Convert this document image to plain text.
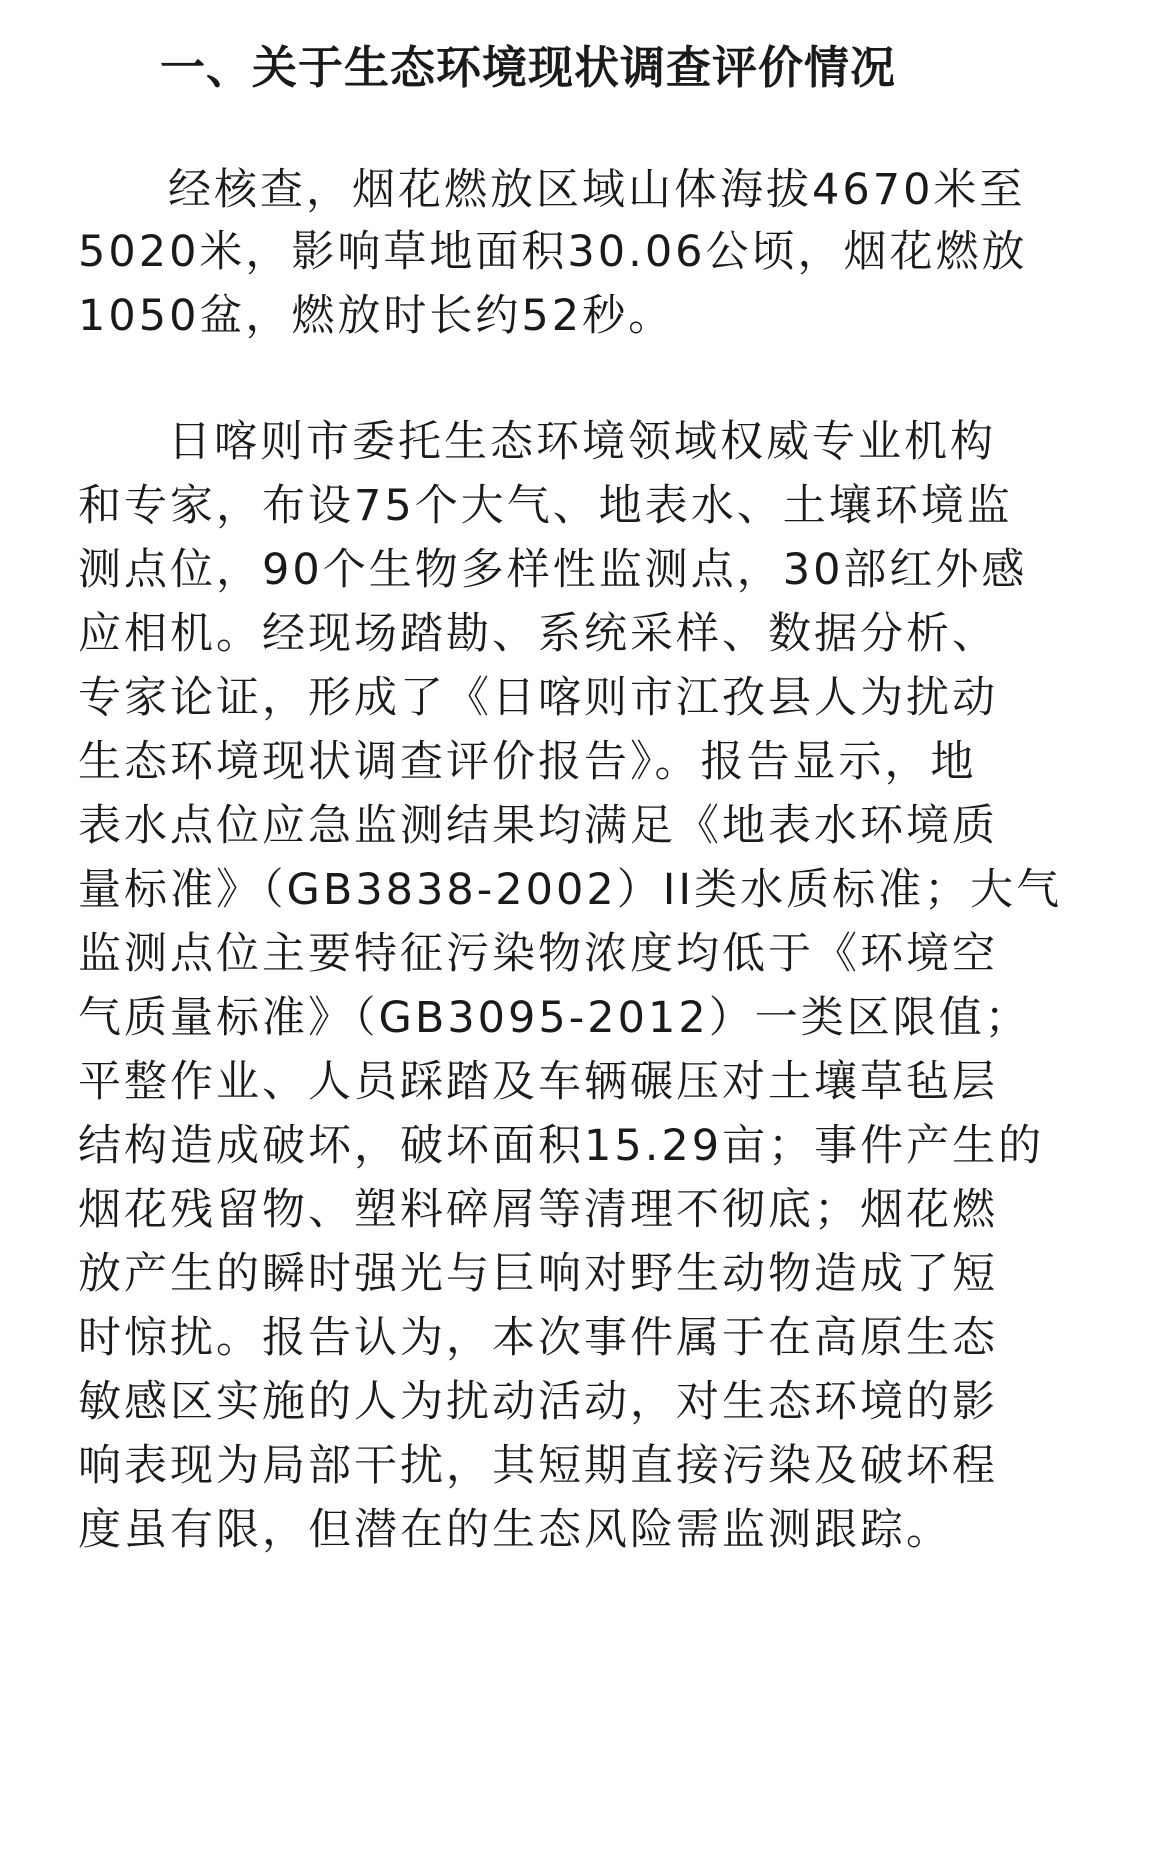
一、关于生态环境现状调查评价情况

经核查，烟花燃放区域山体海拔4670米至

5020米，影响草地面积30.06公顷，烟花燃放

1050盆，燃放时长约52秒。

日喀则市委托生态环境领域权威专业机构

和专家，布设75个大气、地表水、土壤环境监

测点位，90个生物多样性监测点，30部红外感

应相机。经现场踏勘、系统采样、数据分析、

专家论证，形成了《日喀则市江孜县人为扰动

生态环境现状调查评价报告》。报告显示，地

表水点位应急监测结果均满足《地表水环境质

量标准》（GB3838-2002）II类水质标准；大气

监测点位主要特征污染物浓度均低于《环境空

气质量标准》（GB3095-2012）一类区限值；

平整作业、人员踩踏及车辆碾压对土壤草毡层

结构造成破坏，破坏面积15.29亩；事件产生的

烟花残留物、塑料碎屑等清理不彻底；烟花燃

放产生的瞬时强光与巨响对野生动物造成了短

时惊扰。报告认为，本次事件属于在高原生态

敏感区实施的人为扰动活动，对生态环境的影

响表现为局部干扰，其短期直接污染及破坏程

度虽有限，但潜在的生态风险需监测跟踪。
